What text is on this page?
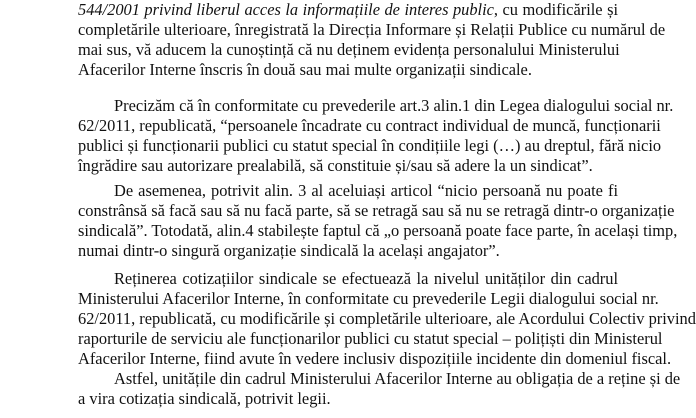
544/2001 privind liberul acces la informațiile de interes public, cu modificările și
completările ulterioare, înregistrată la Direcția Informare și Relații Publice cu numărul de
mai sus, vă aducem la cunoștință că nu deținem evidența personalului Ministerului
Afacerilor Interne înscris în două sau mai multe organizații sindicale.
Precizăm că în conformitate cu prevederile art.3 alin.1 din Legea dialogului social nr.
62/2011, republicată, “persoanele încadrate cu contract individual de muncă, funcționarii
publici și funcționarii publici cu statut special în condițiile legi (…) au dreptul, fără nicio
îngrădire sau autorizare prealabilă, să constituie și/sau să adere la un sindicat”.
De asemenea, potrivit alin. 3 al aceluiași articol “nicio persoană nu poate fi
constrânsă să facă sau să nu facă parte, să se retragă sau să nu se retragă dintr-o organizație
sindicală”. Totodată, alin.4 stabilește faptul că „o persoană poate face parte, în același timp,
numai dintr-o singură organizație sindicală la același angajator”.
Reținerea cotizațiilor sindicale se efectuează la nivelul unităților din cadrul
Ministerului Afacerilor Interne, în conformitate cu prevederile Legii dialogului social nr.
62/2011, republicată, cu modificările și completările ulterioare, ale Acordului Colectiv privind
raporturile de serviciu ale funcționarilor publici cu statut special – polițiști din Ministerul
Afacerilor Interne, fiind avute în vedere inclusiv dispozițiile incidente din domeniul fiscal.
Astfel, unitățile din cadrul Ministerului Afacerilor Interne au obligația de a reține și de
a vira cotizația sindicală, potrivit legii.
